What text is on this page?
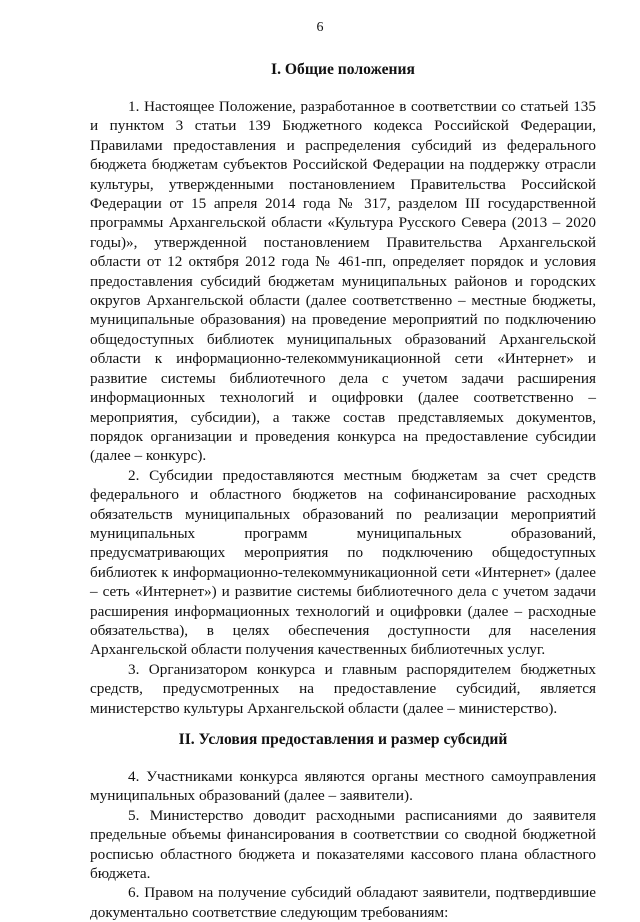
6
I. Общие положения

1. Настоящее Положение, разработанное в соответствии со статьей 135 и пунктом 3 статьи 139 Бюджетного кодекса Российской Федерации, Правилами предоставления и распределения субсидий из федерального бюджета бюджетам субъектов Российской Федерации на поддержку отрасли культуры, утвержденными постановлением Правительства Российской Федерации от 15 апреля 2014 года № 317, разделом III государственной программы Архангельской области «Культура Русского Севера (2013 – 2020 годы)», утвержденной постановлением Правительства Архангельской области от 12 октября 2012 года № 461-пп, определяет порядок и условия предоставления субсидий бюджетам муниципальных районов и городских округов Архангельской области (далее соответственно – местные бюджеты, муниципальные образования) на проведение мероприятий по подключению общедоступных библиотек муниципальных образований Архангельской области к информационно-телекоммуникационной сети «Интернет» и развитие системы библиотечного дела с учетом задачи расширения информационных технологий и оцифровки (далее соответственно – мероприятия, субсидии), а также состав представляемых документов, порядок организации и проведения конкурса на предоставление субсидии (далее – конкурс).

2. Субсидии предоставляются местным бюджетам за счет средств федерального и областного бюджетов на софинансирование расходных обязательств муниципальных образований по реализации мероприятий муниципальных программ муниципальных образований, предусматривающих мероприятия по подключению общедоступных библиотек к информационно-телекоммуникационной сети «Интернет» (далее – сеть «Интернет») и развитие системы библиотечного дела с учетом задачи расширения информационных технологий и оцифровки (далее – расходные обязательства), в целях обеспечения доступности для населения Архангельской области получения качественных библиотечных услуг.

3. Организатором конкурса и главным распорядителем бюджетных средств, предусмотренных на предоставление субсидий, является министерство культуры Архангельской области (далее – министерство).

II. Условия предоставления и размер субсидий

4. Участниками конкурса являются органы местного самоуправления муниципальных образований (далее – заявители).

5. Министерство доводит расходными расписаниями до заявителя предельные объемы финансирования в соответствии со сводной бюджетной росписью областного бюджета и показателями кассового плана областного бюджета.

6. Правом на получение субсидий обладают заявители, подтвердившие документально соответствие следующим требованиям:
